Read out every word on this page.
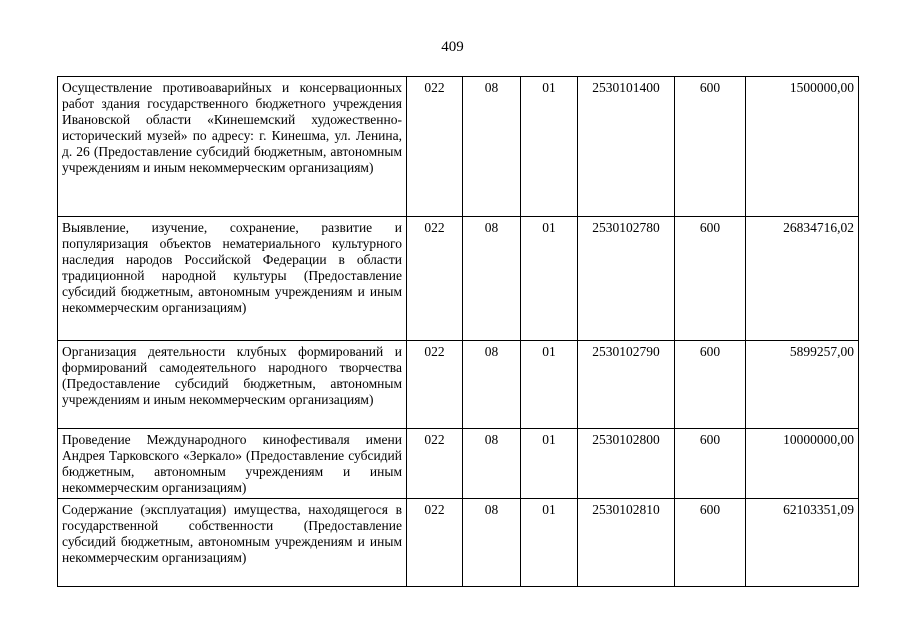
409
Осуществление противоаварийных и консервационных работ здания государственного бюджетного учреждения Ивановской области «Кинешемский художественно-исторический музей» по адресу: г. Кинешма, ул. Ленина, д. 26 (Предоставление субсидий бюджетным, автономным учреждениям и иным некоммерческим организациям)	022	08	01	2530101400	600	1500000,00
Выявление, изучение, сохранение, развитие и популяризация объектов нематериального культурного наследия народов Российской Федерации в области традиционной народной культуры (Предоставление субсидий бюджетным, автономным учреждениям и иным некоммерческим организациям)	022	08	01	2530102780	600	26834716,02
Организация деятельности клубных формирований и формирований самодеятельного народного творчества (Предоставление субсидий бюджетным, автономным учреждениям и иным некоммерческим организациям)	022	08	01	2530102790	600	5899257,00
Проведение Международного кинофестиваля имени Андрея Тарковского «Зеркало» (Предоставление субсидий бюджетным, автономным учреждениям и иным некоммерческим организациям)	022	08	01	2530102800	600	10000000,00
Содержание (эксплуатация) имущества, находящегося в государственной собственности (Предоставление субсидий бюджетным, автономным учреждениям и иным некоммерческим организациям)	022	08	01	2530102810	600	62103351,09
